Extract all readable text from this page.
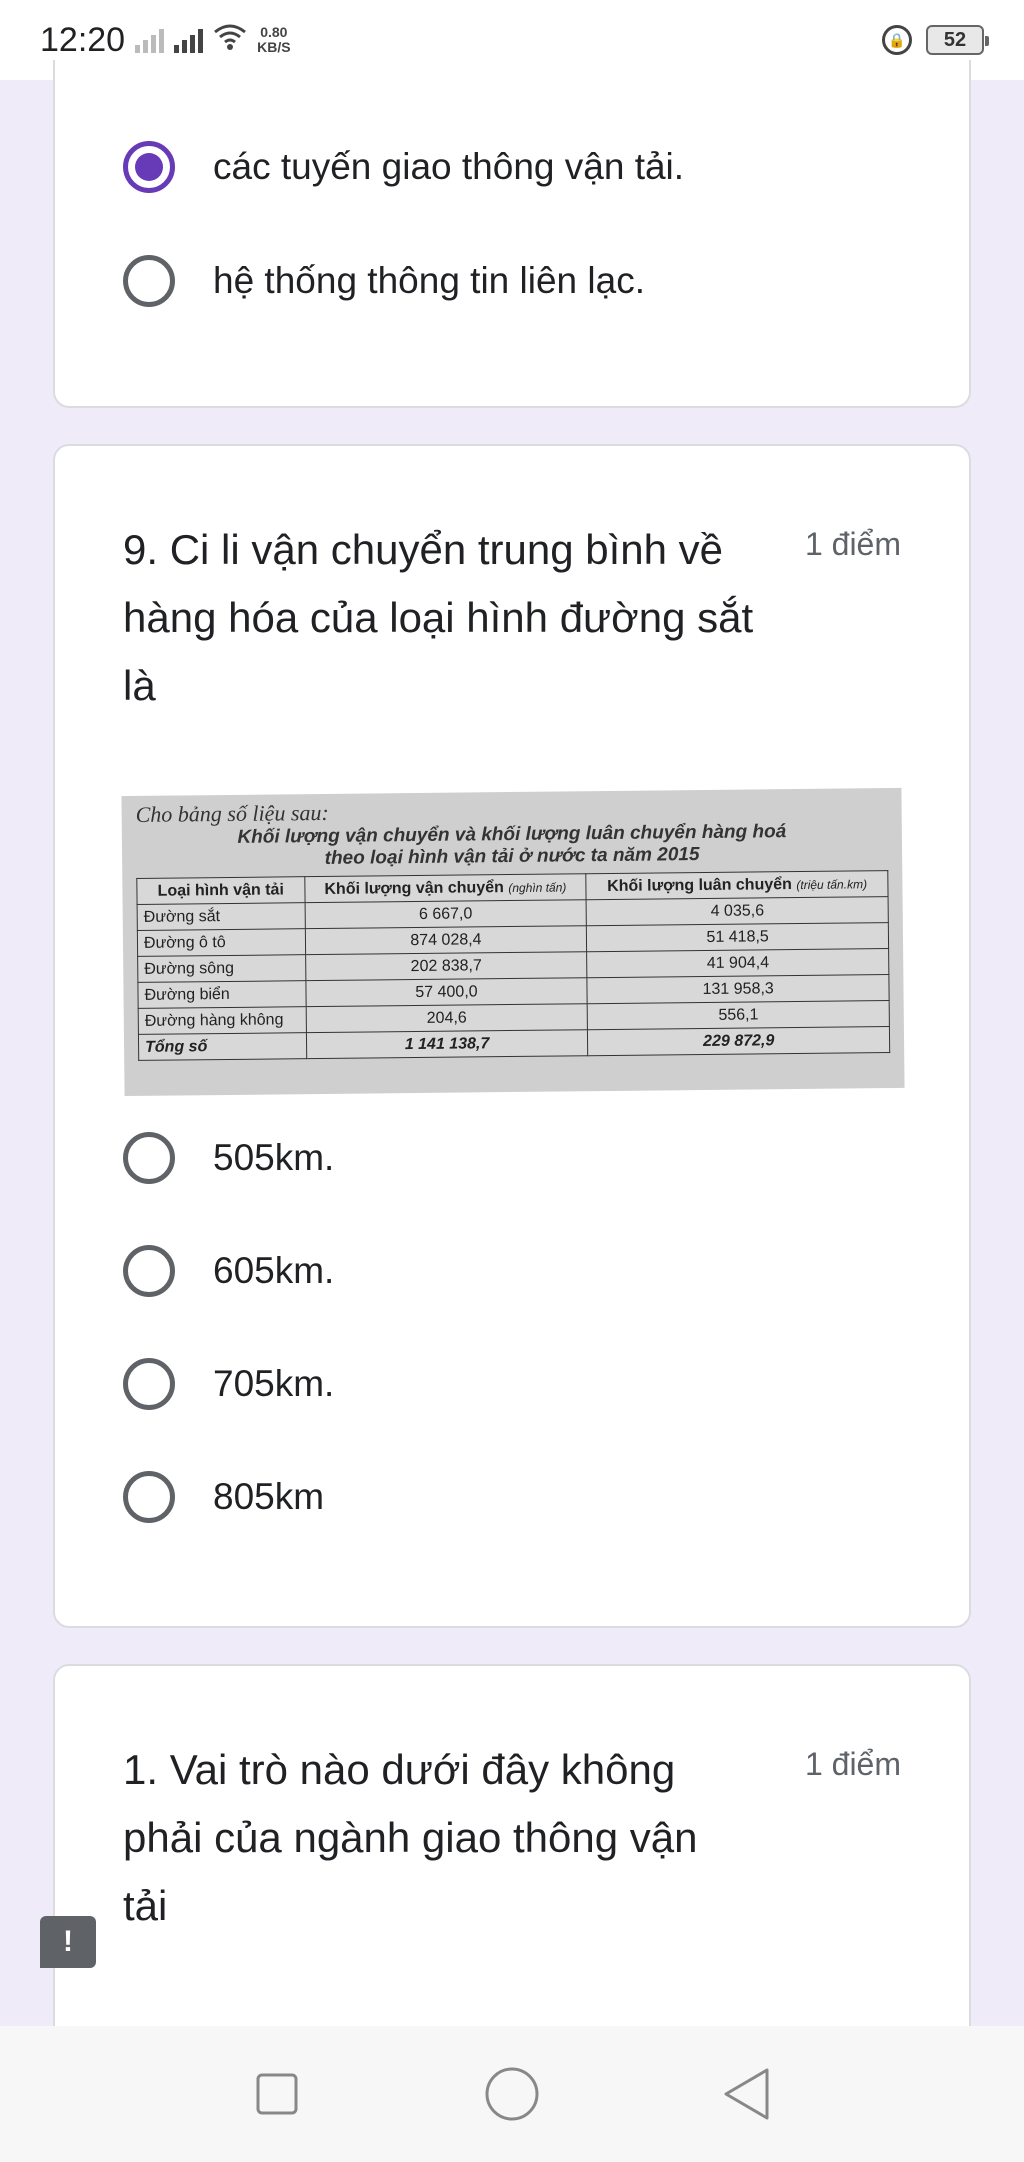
12:20	0.80
KB/S	🔒	52
các tuyến giao thông vận tải.
hệ thống thông tin liên lạc.
9. Ci li vận chuyển trung bình về hàng hóa của loại hình đường sắt là
1 điểm
Cho bảng số liệu sau:
Khối lượng vận chuyển và khối lượng luân chuyển hàng hoá
theo loại hình vận tải ở nước ta năm 2015
Loại hình vận tải	Khối lượng vận chuyển (nghìn tấn)	Khối lượng luân chuyển (triệu tấn.km)
Đường sắt	6 667,0	4 035,6
Đường ô tô	874 028,4	51 418,5
Đường sông	202 838,7	41 904,4
Đường biển	57 400,0	131 958,3
Đường hàng không	204,6	556,1
Tổng số	1 141 138,7	229 872,9
505km.
605km.
705km.
805km
1. Vai trò nào dưới đây không phải của ngành giao thông vận tải
1 điểm
!
